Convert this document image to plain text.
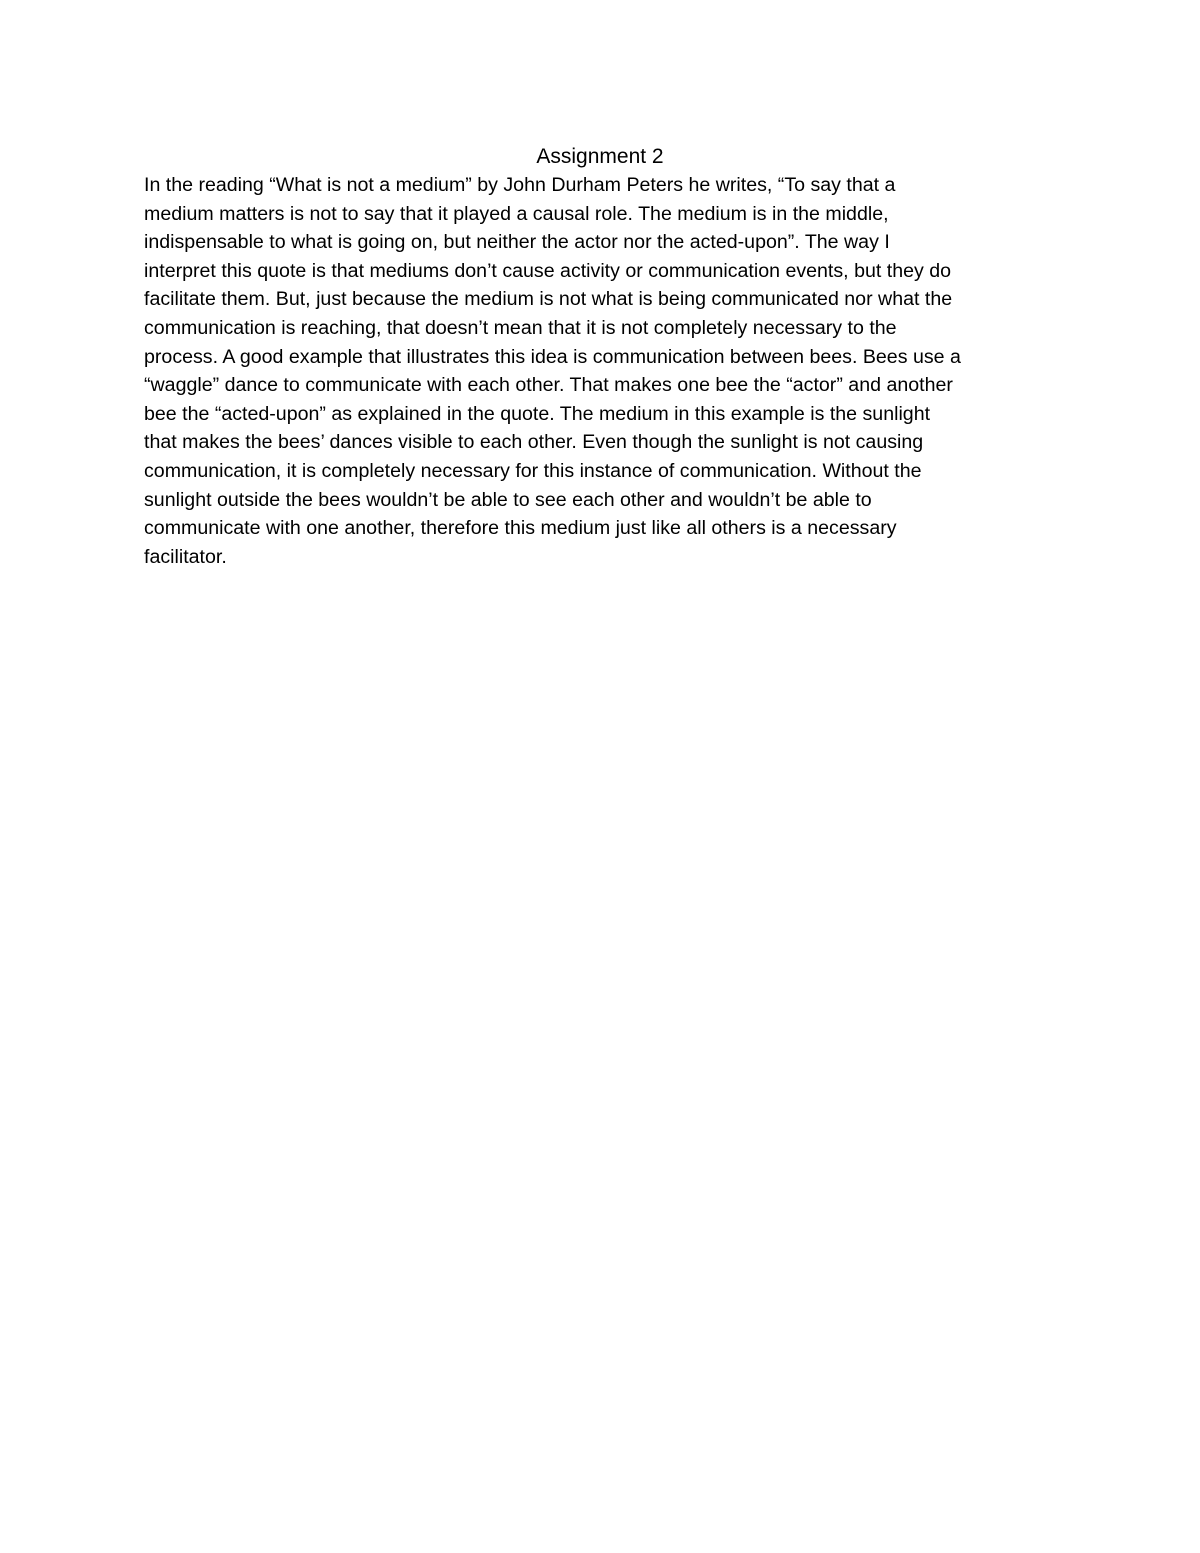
Assignment 2
In the reading “What is not a medium” by John Durham Peters he writes, “To say that a
medium matters is not to say that it played a causal role. The medium is in the middle,
indispensable to what is going on, but neither the actor nor the acted-upon”. The way I
interpret this quote is that mediums don’t cause activity or communication events, but they do
facilitate them. But, just because the medium is not what is being communicated nor what the
communication is reaching, that doesn’t mean that it is not completely necessary to the
process. A good example that illustrates this idea is communication between bees. Bees use a
“waggle” dance to communicate with each other. That makes one bee the “actor” and another
bee the “acted-upon” as explained in the quote. The medium in this example is the sunlight
that makes the bees’ dances visible to each other. Even though the sunlight is not causing
communication, it is completely necessary for this instance of communication. Without the
sunlight outside the bees wouldn’t be able to see each other and wouldn’t be able to
communicate with one another, therefore this medium just like all others is a necessary
facilitator.
